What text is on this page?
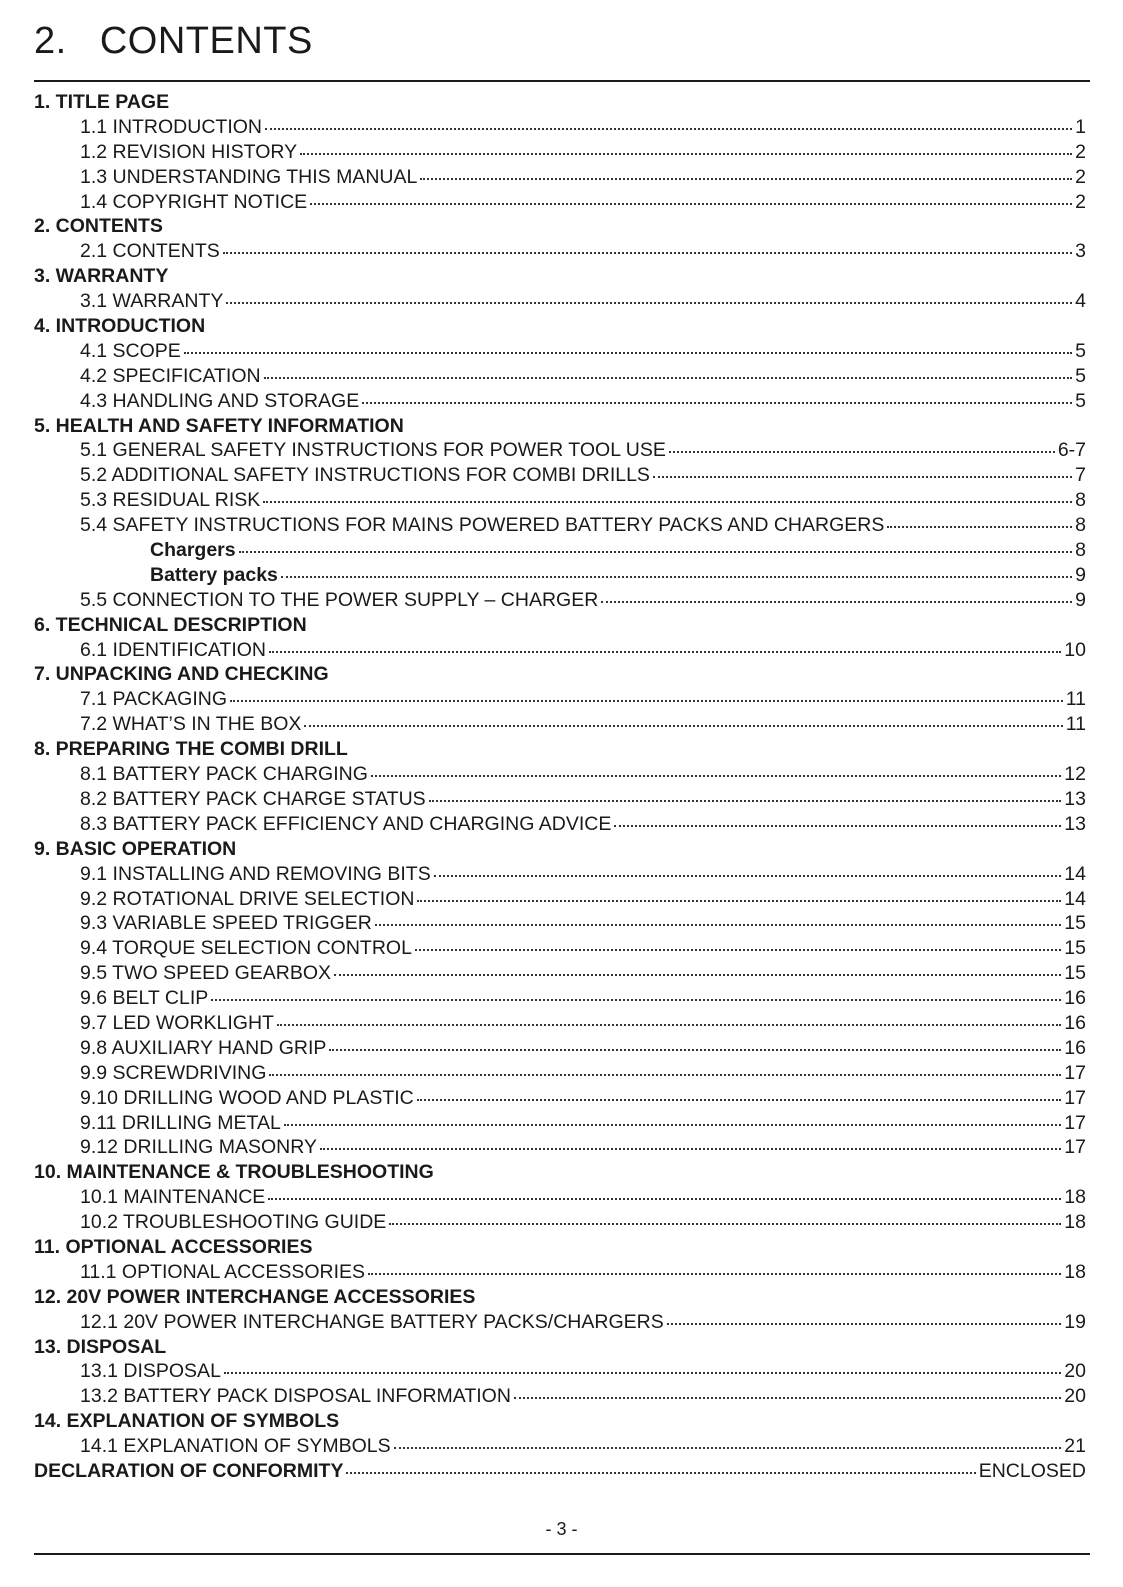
2.   CONTENTS
1. TITLE PAGE
1.1 INTRODUCTION	1
1.2 REVISION HISTORY	2
1.3 UNDERSTANDING THIS MANUAL	2
1.4 COPYRIGHT NOTICE	2
2. CONTENTS
2.1 CONTENTS	3
3. WARRANTY
3.1 WARRANTY	4
4. INTRODUCTION
4.1 SCOPE	5
4.2 SPECIFICATION	5
4.3 HANDLING AND STORAGE	5
5. HEALTH AND SAFETY INFORMATION
5.1 GENERAL SAFETY INSTRUCTIONS FOR POWER TOOL USE	6-7
5.2 ADDITIONAL SAFETY INSTRUCTIONS FOR COMBI DRILLS	7
5.3 RESIDUAL RISK	8
5.4 SAFETY INSTRUCTIONS FOR MAINS POWERED BATTERY PACKS AND CHARGERS	8
Chargers	8
Battery packs	9
5.5 CONNECTION TO THE POWER SUPPLY – CHARGER	9
6. TECHNICAL DESCRIPTION
6.1 IDENTIFICATION	10
7. UNPACKING AND CHECKING
7.1 PACKAGING	11
7.2 WHAT’S IN THE BOX	11
8. PREPARING THE COMBI DRILL
8.1 BATTERY PACK CHARGING	12
8.2 BATTERY PACK CHARGE STATUS	13
8.3 BATTERY PACK EFFICIENCY AND CHARGING ADVICE	13
9. BASIC OPERATION
9.1 INSTALLING AND REMOVING BITS	14
9.2 ROTATIONAL DRIVE SELECTION	14
9.3 VARIABLE SPEED TRIGGER	15
9.4 TORQUE SELECTION CONTROL	15
9.5 TWO SPEED GEARBOX	15
9.6 BELT CLIP	16
9.7 LED WORKLIGHT	16
9.8 AUXILIARY HAND GRIP	16
9.9 SCREWDRIVING	17
9.10 DRILLING WOOD AND PLASTIC	17
9.11 DRILLING METAL	17
9.12 DRILLING MASONRY	17
10. MAINTENANCE & TROUBLESHOOTING
10.1 MAINTENANCE	18
10.2 TROUBLESHOOTING GUIDE	18
11. OPTIONAL ACCESSORIES
11.1 OPTIONAL ACCESSORIES	18
12. 20V POWER INTERCHANGE ACCESSORIES
12.1 20V POWER INTERCHANGE BATTERY PACKS/CHARGERS	19
13. DISPOSAL
13.1 DISPOSAL	20
13.2 BATTERY PACK DISPOSAL INFORMATION	20
14. EXPLANATION OF SYMBOLS
14.1 EXPLANATION OF SYMBOLS	21
DECLARATION OF CONFORMITY	ENCLOSED
- 3 -
